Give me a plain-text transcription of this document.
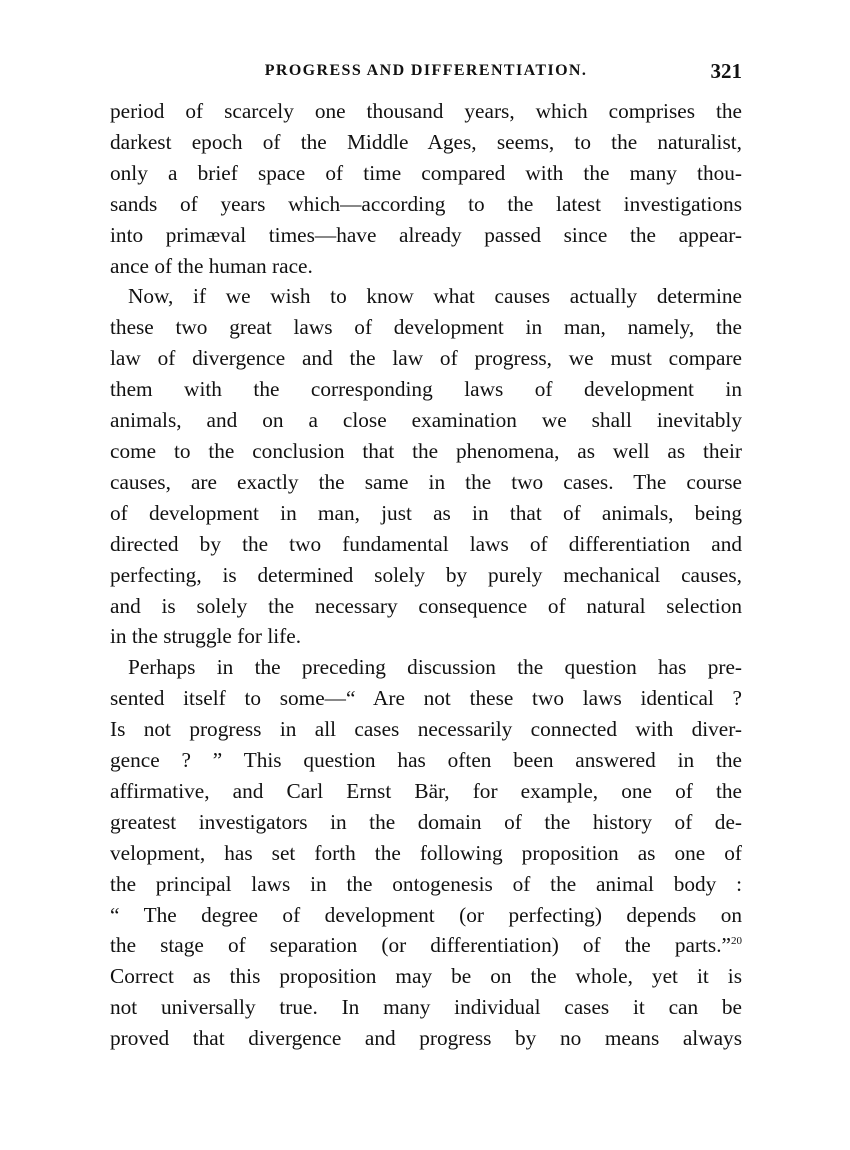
PROGRESS AND DIFFERENTIATION.	321

period of scarcely one thousand years, which comprises the
darkest epoch of the Middle Ages, seems, to the naturalist,
only a brief space of time compared with the many thou-
sands of years which—according to the latest investigations
into primæval times—have already passed since the appear-
ance of the human race.

Now, if we wish to know what causes actually determine
these two great laws of development in man, namely, the
law of divergence and the law of progress, we must compare
them with the corresponding laws of development in
animals, and on a close examination we shall inevitably
come to the conclusion that the phenomena, as well as their
causes, are exactly the same in the two cases. The course
of development in man, just as in that of animals, being
directed by the two fundamental laws of differentiation and
perfecting, is determined solely by purely mechanical causes,
and is solely the necessary consequence of natural selection
in the struggle for life.

Perhaps in the preceding discussion the question has pre-
sented itself to some—“ Are not these two laws identical ?
Is not progress in all cases necessarily connected with diver-
gence ? ” This question has often been answered in the
affirmative, and Carl Ernst Bär, for example, one of the
greatest investigators in the domain of the history of de-
velopment, has set forth the following proposition as one of
the principal laws in the ontogenesis of the animal body :
“ The degree of development (or perfecting) depends on
the stage of separation (or differentiation) of the parts.”$^{20}$
Correct as this proposition may be on the whole, yet it is
not universally true. In many individual cases it can be
proved that divergence and progress by no means always
